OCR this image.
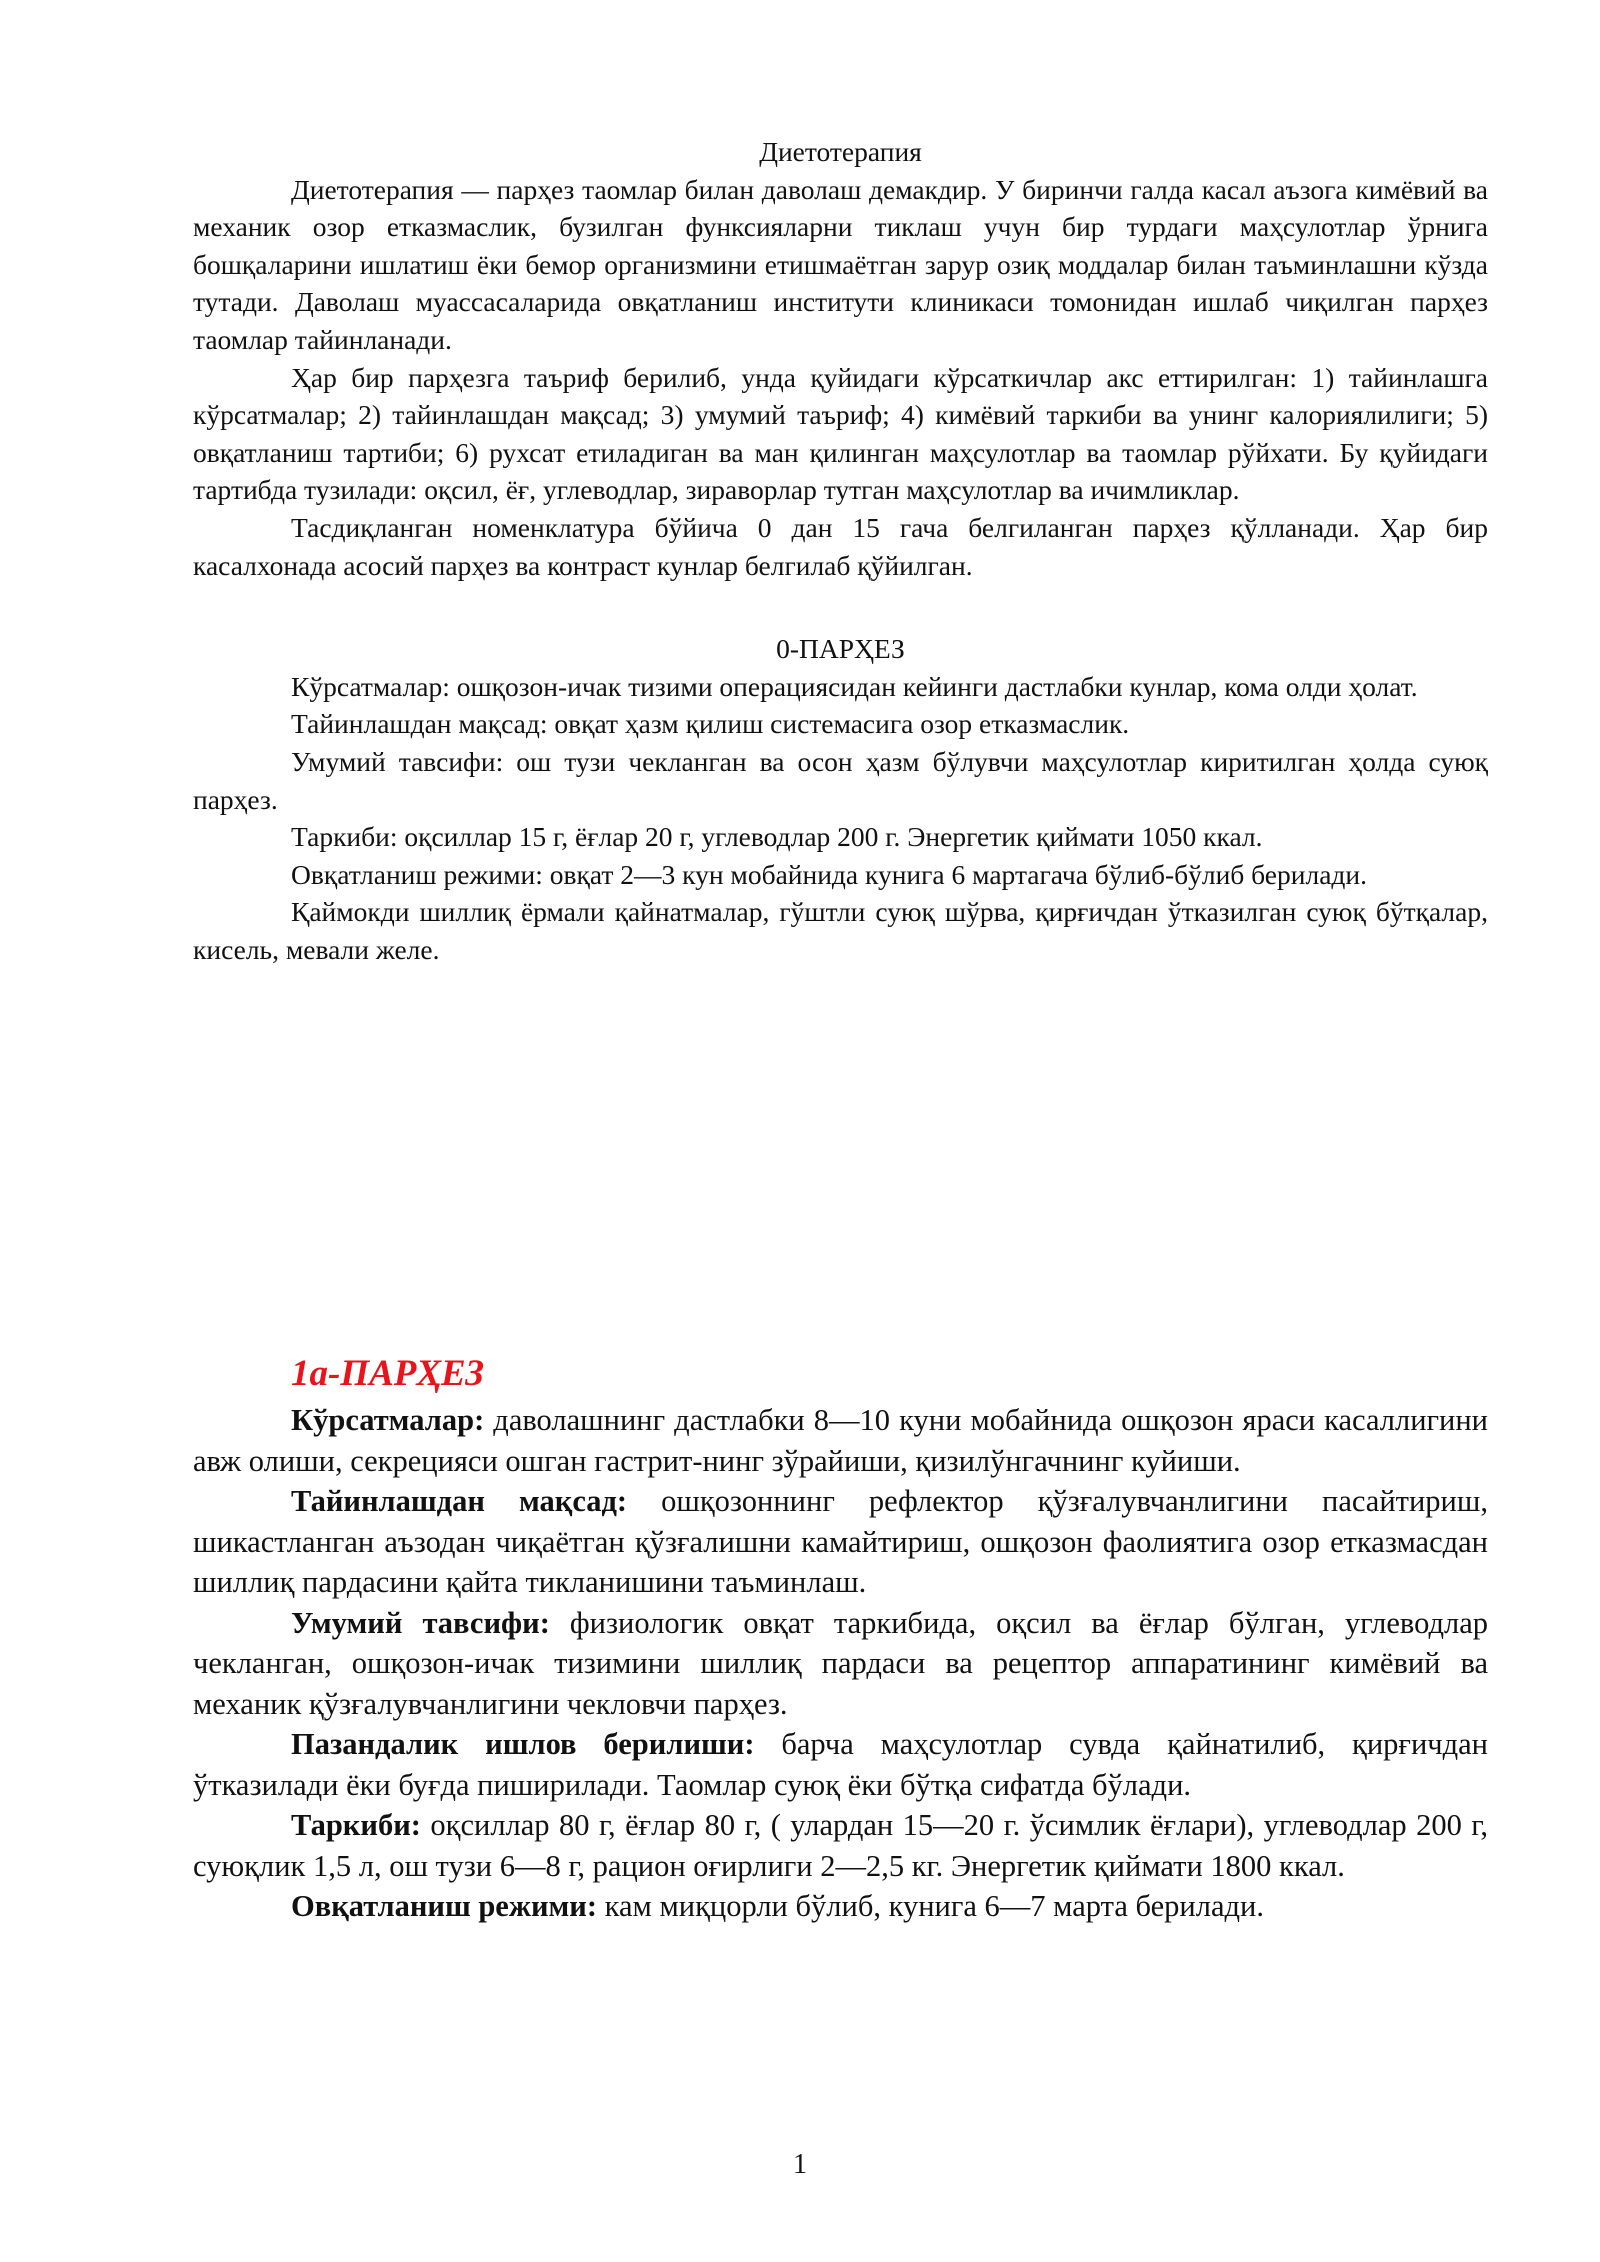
Диетотерапия

Диетотерапия — парҳез таомлар билан даволаш демакдир. У биринчи галда касал аъзога кимёвий ва механик озор етказмаслик, бузилган функсияларни тиклаш учун бир турдаги маҳсулотлар ўрнига бошқаларини ишлатиш ёки бемор организмини етишмаётган зарур озиқ моддалар билан таъминлашни кўзда тутади. Даволаш муассасаларида овқатланиш институти клиникаси томонидан ишлаб чиқилган парҳез таомлар тайинланади.

Ҳар бир парҳезга таъриф берилиб, унда қуйидаги кўрсаткичлар акс еттирилган: 1) тайинлашга кўрсатмалар; 2) тайинлашдан мақсад; 3) умумий таъриф; 4) кимёвий таркиби ва унинг калориялилиги; 5) овқатланиш тартиби; 6) рухсат етиладиган ва ман қилинган маҳсулотлар ва таомлар рўйхати. Бу қуйидаги тартибда тузилади: оқсил, ёғ, углеводлар, зираворлар тутган маҳсулотлар ва ичимликлар.

Тасдиқланган номенклатура бўйича 0 дан 15 гача белгиланган парҳез қўлланади. Ҳар бир касалхонада асосий парҳез ва контраст кунлар белгилаб қўйилган.

0-ПАРҲЕЗ

Кўрсатмалар: ошқозон-ичак тизими операциясидан кейинги дастлабки кунлар, кома олди ҳолат.

Тайинлашдан мақсад: овқат ҳазм қилиш системасига озор етказмаслик.

Умумий тавсифи: ош тузи чекланган ва осон ҳазм бўлувчи маҳсулотлар киритилган ҳолда суюқ парҳез.

Таркиби: оқсиллар 15 г, ёғлар 20 г, углеводлар 200 г. Энергетик қиймати 1050 ккал.

Овқатланиш режими: овқат 2—3 кун мобайнида кунига 6 мартагача бўлиб-бўлиб берилади.

Қаймокди шиллиқ ёрмали қайнатмалар, гўштли суюқ шўрва, қирғичдан ўтказилган суюқ бўтқалар, кисель, мевали желе.

1а-ПАРҲЕЗ

Кўрсатмалар: даволашнинг дастлабки 8—10 куни мобайнида ошқозон яраси касаллигини авж олиши, секрецияси ошган гастрит-нинг зўрайиши, қизилўнгачнинг куйиши.

Тайинлашдан мақсад: ошқозоннинг рефлектор қўзғалувчанлигини пасайтириш, шикастланган аъзодан чиқаётган қўзғалишни камайтириш, ошқозон фаолиятига озор етказмасдан шиллиқ пардасини қайта тикланишини таъминлаш.

Умумий тавсифи: физиологик овқат таркибида, оқсил ва ёғлар бўлган, углеводлар чекланган, ошқозон-ичак тизимини шиллиқ пардаси ва рецептор аппаратининг кимёвий ва механик қўзғалувчанлигини чекловчи парҳез.

Пазандалик ишлов берилиши: барча маҳсулотлар сувда қайнатилиб, қирғичдан ўтказилади ёки буғда пиширилади. Таомлар суюқ ёки бўтқа сифатда бўлади.

Таркиби: оқсиллар 80 г, ёғлар 80 г, ( улардан 15—20 г. ўсимлик ёғлари), углеводлар 200 г, суюқлик 1,5 л, ош тузи 6—8 г, рацион оғирлиги 2—2,5 кг. Энергетик қиймати 1800 ккал.

Овқатланиш режими: кам миқцорли бўлиб, кунига 6—7 марта берилади.

1
